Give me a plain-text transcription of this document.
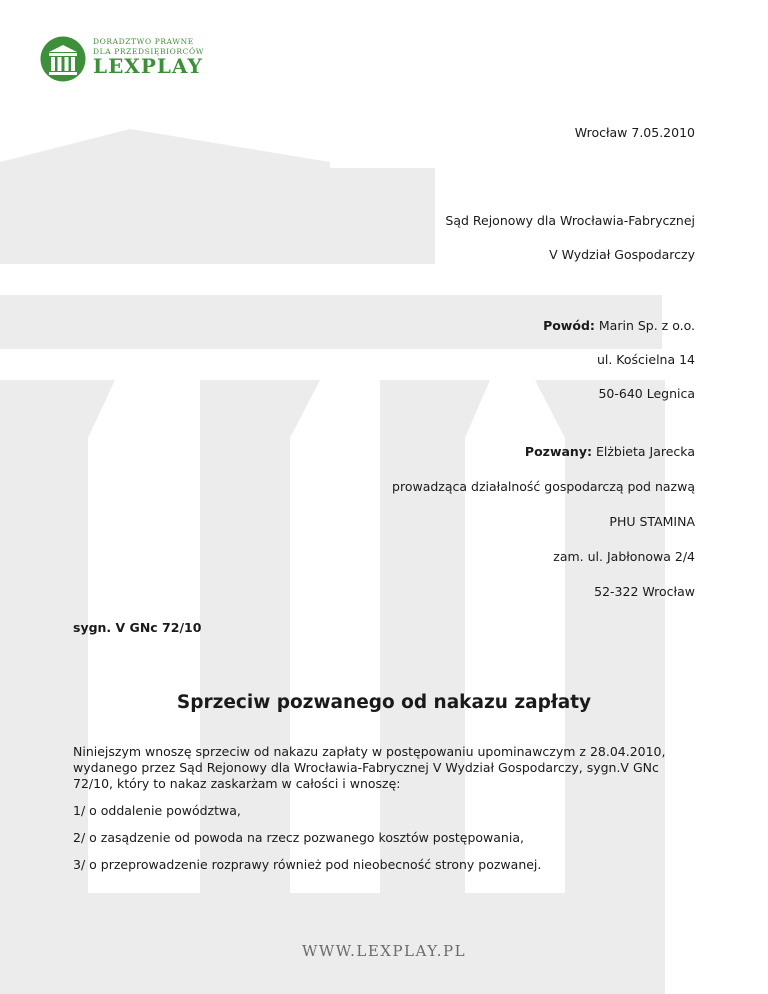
DORADZTWO PRAWNE
DLA PRZEDSIĘBIORCÓW
LEXPLAY
Wrocław 7.05.2010
Sąd Rejonowy dla Wrocławia-Fabrycznej
V Wydział Gospodarczy
Powód: Marin Sp. z o.o.
ul. Kościelna 14
50-640 Legnica
Pozwany: Elżbieta Jarecka
prowadząca działalność gospodarczą pod nazwą
PHU STAMINA
zam. ul. Jabłonowa 2/4
52-322 Wrocław
sygn. V GNc 72/10
Sprzeciw pozwanego od nakazu zapłaty
Niniejszym wnoszę sprzeciw od nakazu zapłaty w postępowaniu upominawczym z 28.04.2010,
wydanego przez Sąd Rejonowy dla Wrocławia-Fabrycznej V Wydział Gospodarczy, sygn.V GNc
72/10, który to nakaz zaskarżam w całości i wnoszę:
1/ o oddalenie powództwa,
2/ o zasądzenie od powoda na rzecz pozwanego kosztów postępowania,
3/ o przeprowadzenie rozprawy również pod nieobecność strony pozwanej.
WWW.LEXPLAY.PL
